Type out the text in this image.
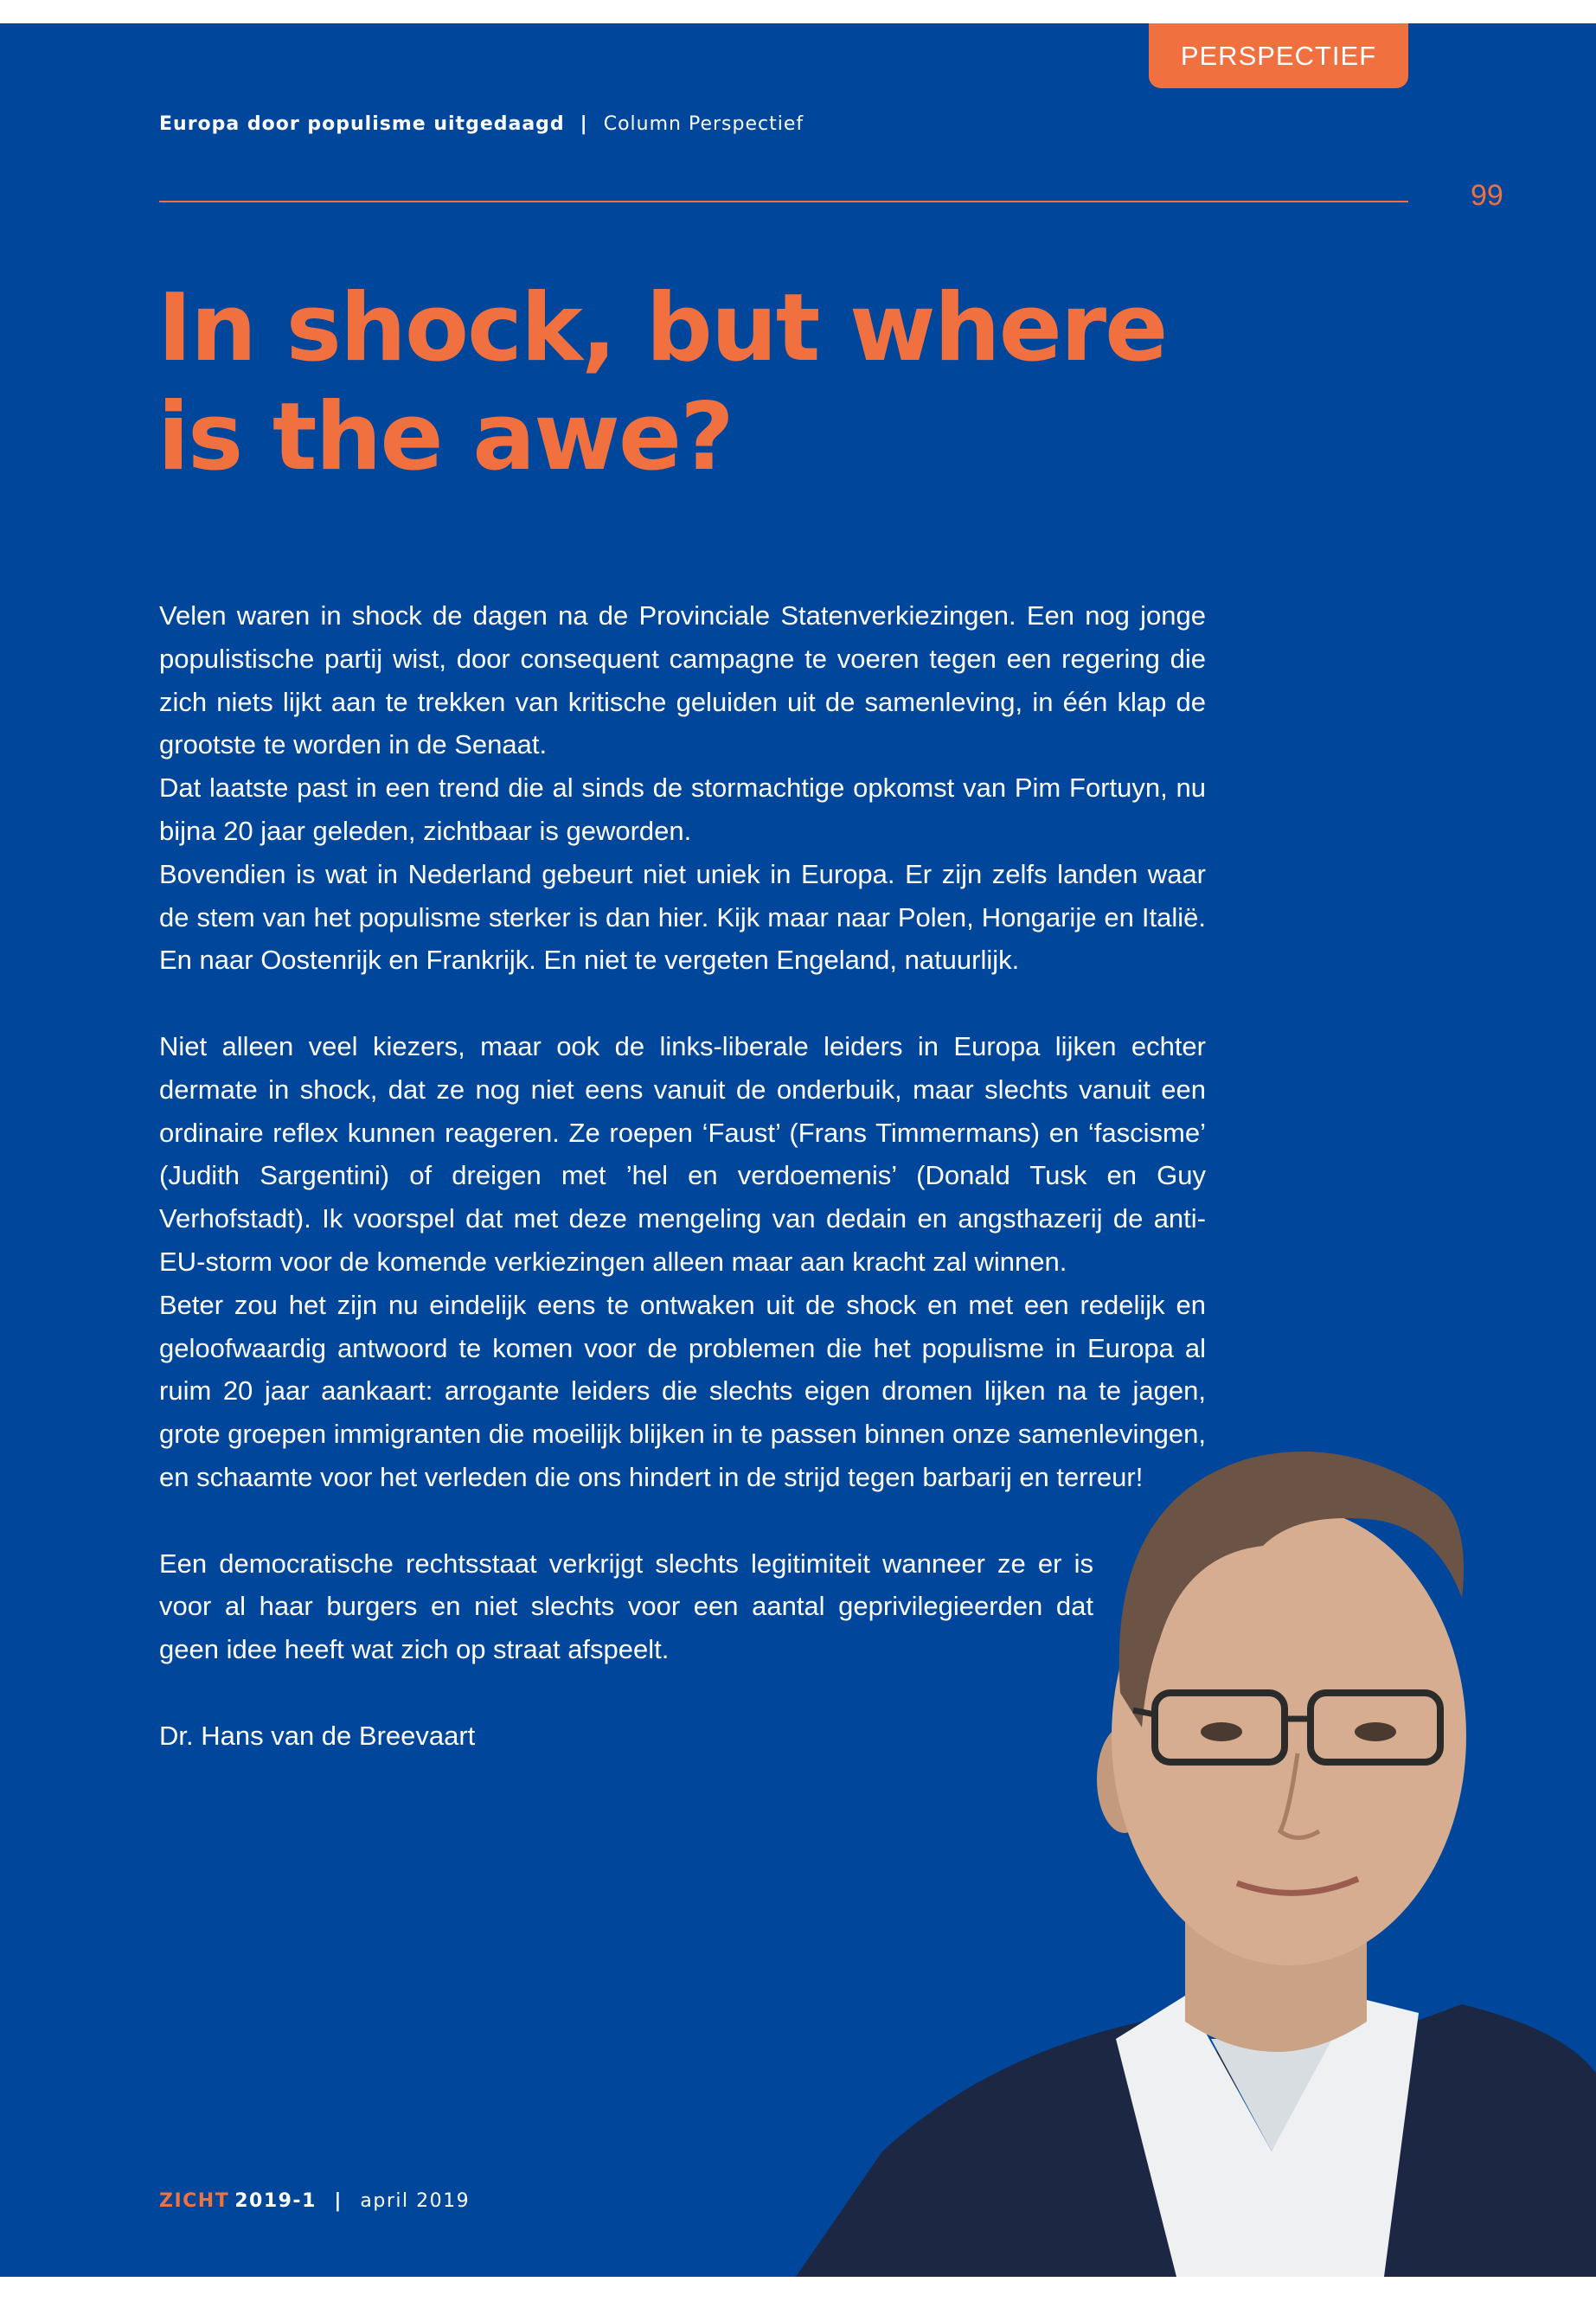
PERSPECTIEF
Europa door populisme uitgedaagd | Column Perspectief
99
In shock, but where
is the awe?

Velen waren in shock de dagen na de Provinciale Statenverkiezingen. Een nog jonge populistische partij wist, door consequent campagne te voeren tegen een regering die zich niets lijkt aan te trekken van kritische geluiden uit de samenleving, in één klap de grootste te worden in de Senaat.

Dat laatste past in een trend die al sinds de stormachtige opkomst van Pim Fortuyn, nu bijna 20 jaar geleden, zichtbaar is geworden.

Bovendien is wat in Nederland gebeurt niet uniek in Europa. Er zijn zelfs landen waar de stem van het populisme sterker is dan hier. Kijk maar naar Polen, Hongarije en Italië. En naar Oostenrijk en Frankrijk. En niet te vergeten Engeland, natuurlijk.

Niet alleen veel kiezers, maar ook de links-liberale leiders in Europa lijken echter dermate in shock, dat ze nog niet eens vanuit de onderbuik, maar slechts vanuit een ordinaire reflex kunnen reageren. Ze roepen ‘Faust’ (Frans Timmermans) en ‘fascisme’ (Judith Sargentini) of dreigen met ’hel en verdoemenis’ (Donald Tusk en Guy Verhofstadt). Ik voorspel dat met deze mengeling van dedain en angsthazerij de anti-EU-storm voor de komende verkiezingen alleen maar aan kracht zal winnen.

Beter zou het zijn nu eindelijk eens te ontwaken uit de shock en met een redelijk en geloofwaardig antwoord te komen voor de problemen die het populisme in Europa al ruim 20 jaar aankaart: arrogante leiders die slechts eigen dromen lijken na te jagen, grote groepen immigranten die moeilijk blijken in te passen binnen onze samenlevingen, en schaamte voor het verleden die ons hindert in de strijd tegen barbarij en terreur!

Een democratische rechtsstaat verkrijgt slechts legitimiteit wanneer ze er is voor al haar burgers en niet slechts voor een aantal geprivilegieerden dat geen idee heeft wat zich op straat afspeelt.

Dr. Hans van de Breevaart

ZICHT 2019-1 | april 2019
